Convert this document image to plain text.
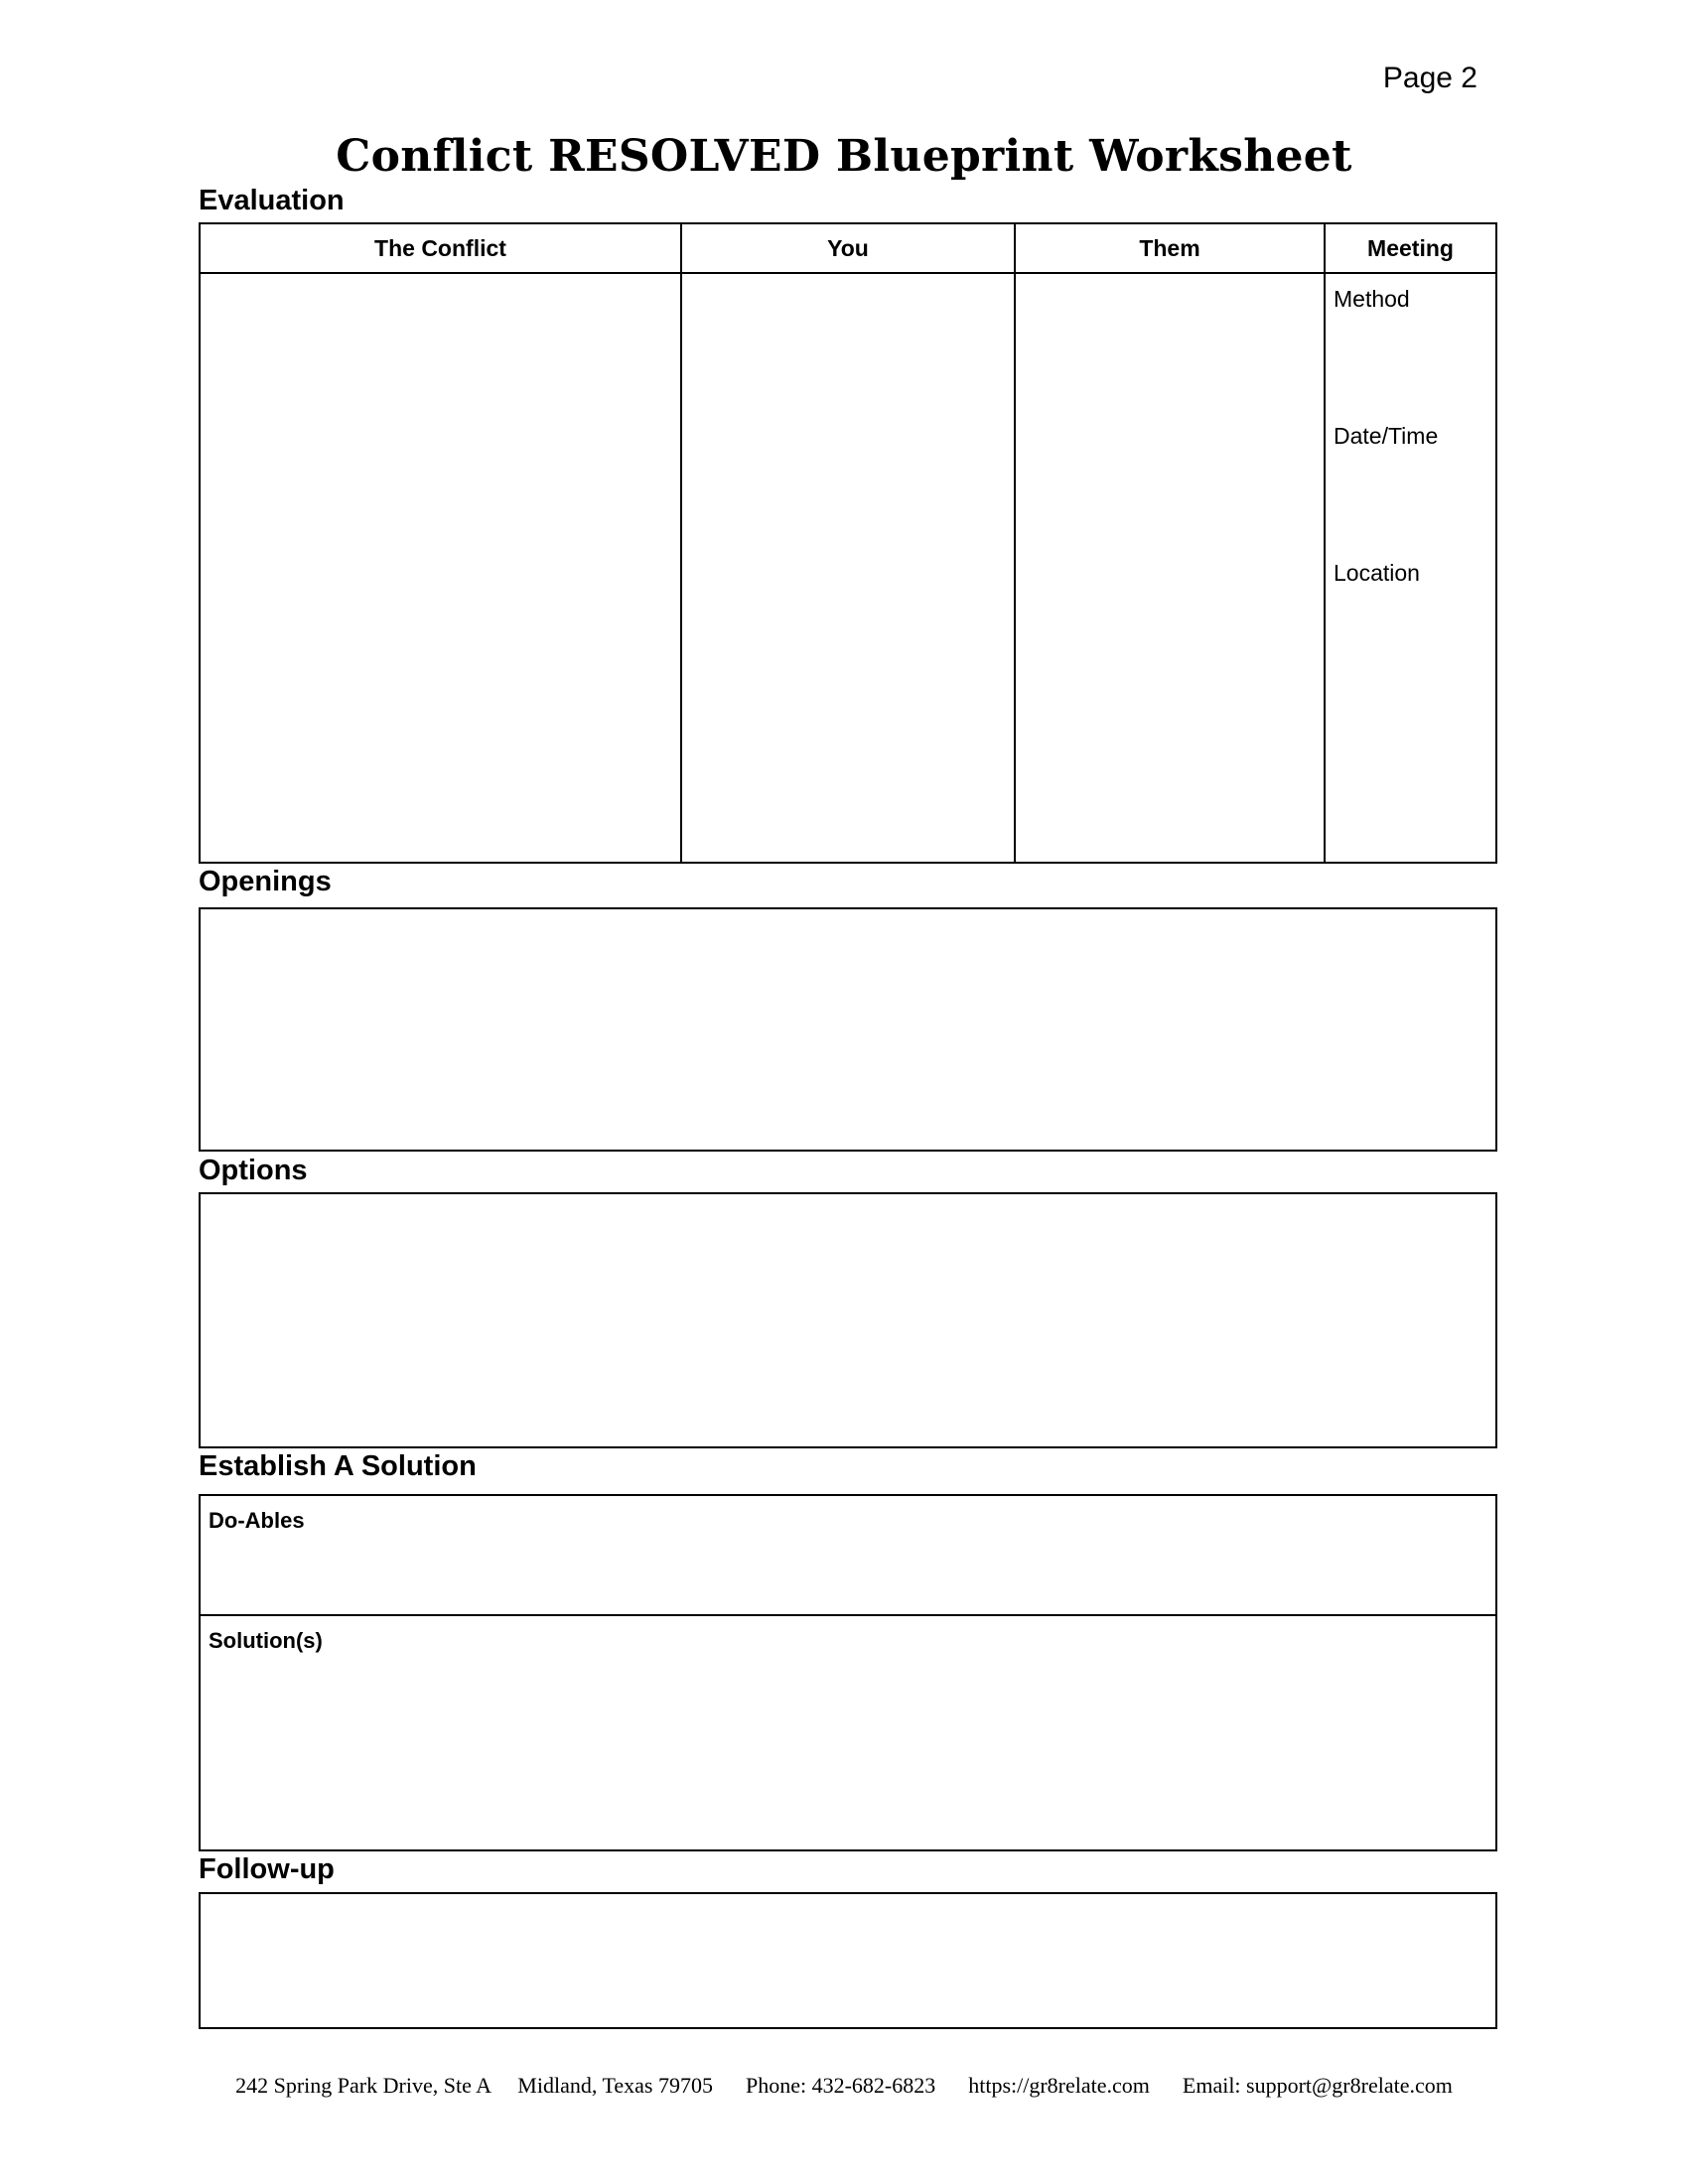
Page 2
Conflict RESOLVED Blueprint Worksheet
Evaluation
The Conflict	You	Them	Meeting
Method
Date/Time
Location
Openings
Options
Establish A Solution
Do-Ables
Solution(s)
Follow-up
242 Spring Park Drive, Ste A Midland, Texas 79705 Phone: 432-682-6823 https://gr8relate.com Email: support@gr8relate.com
